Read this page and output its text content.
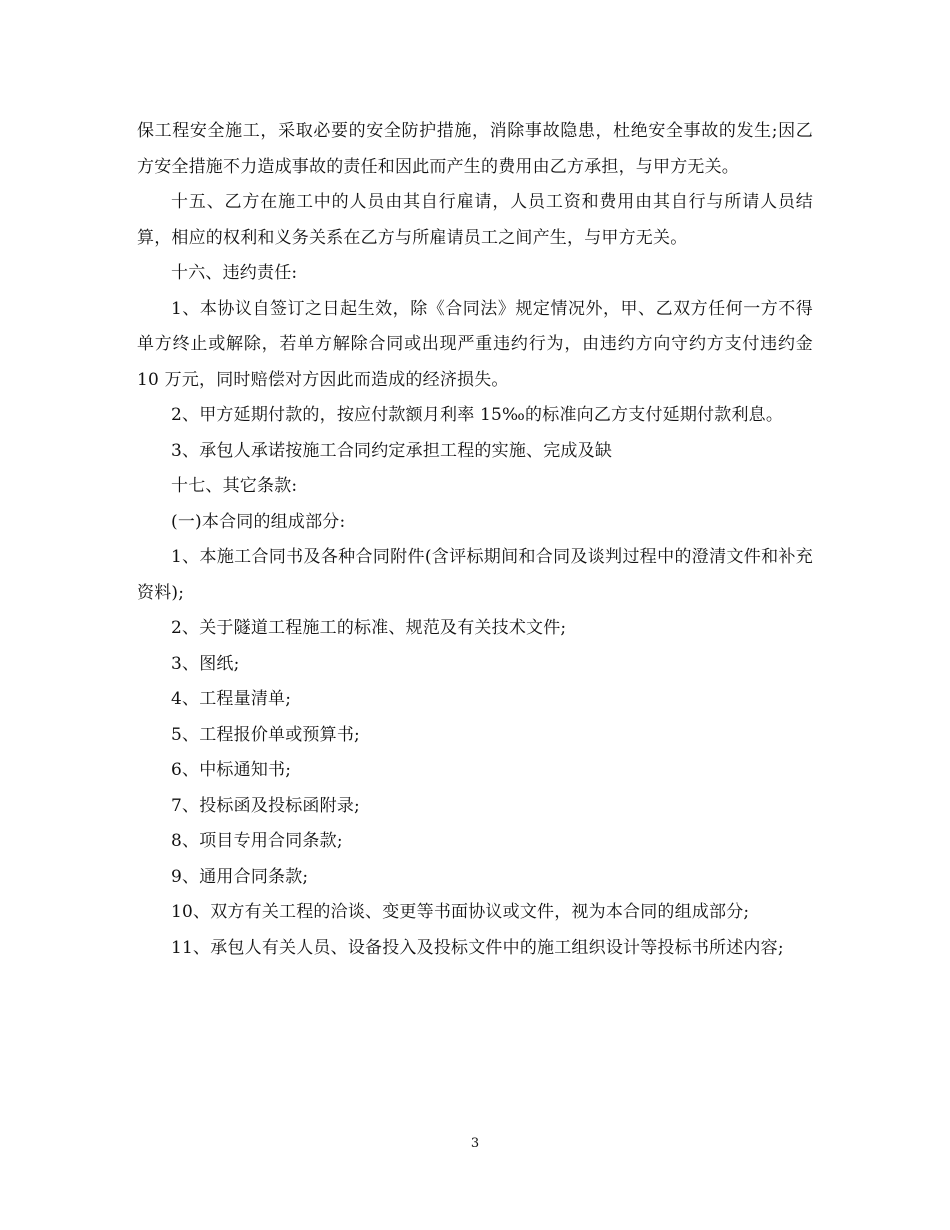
保工程安全施工，采取必要的安全防护措施，消除事故隐患，杜绝安全事故的发生;因乙方安全措施不力造成事故的责任和因此而产生的费用由乙方承担，与甲方无关。

十五、乙方在施工中的人员由其自行雇请，人员工资和费用由其自行与所请人员结算，相应的权利和义务关系在乙方与所雇请员工之间产生，与甲方无关。

十六、违约责任:

1、本协议自签订之日起生效，除《合同法》规定情况外，甲、乙双方任何一方不得单方终止或解除，若单方解除合同或出现严重违约行为，由违约方向守约方支付违约金 10 万元，同时赔偿对方因此而造成的经济损失。

2、甲方延期付款的，按应付款额月利率 15‰的标准向乙方支付延期付款利息。

3、承包人承诺按施工合同约定承担工程的实施、完成及缺

十七、其它条款:

(一)本合同的组成部分:

1、本施工合同书及各种合同附件(含评标期间和合同及谈判过程中的澄清文件和补充资料);

2、关于隧道工程施工的标准、规范及有关技术文件;

3、图纸;

4、工程量清单;

5、工程报价单或预算书;

6、中标通知书;

7、投标函及投标函附录;

8、项目专用合同条款;

9、通用合同条款;

10、双方有关工程的洽谈、变更等书面协议或文件，视为本合同的组成部分;

11、承包人有关人员、设备投入及投标文件中的施工组织设计等投标书所述内容;

3
